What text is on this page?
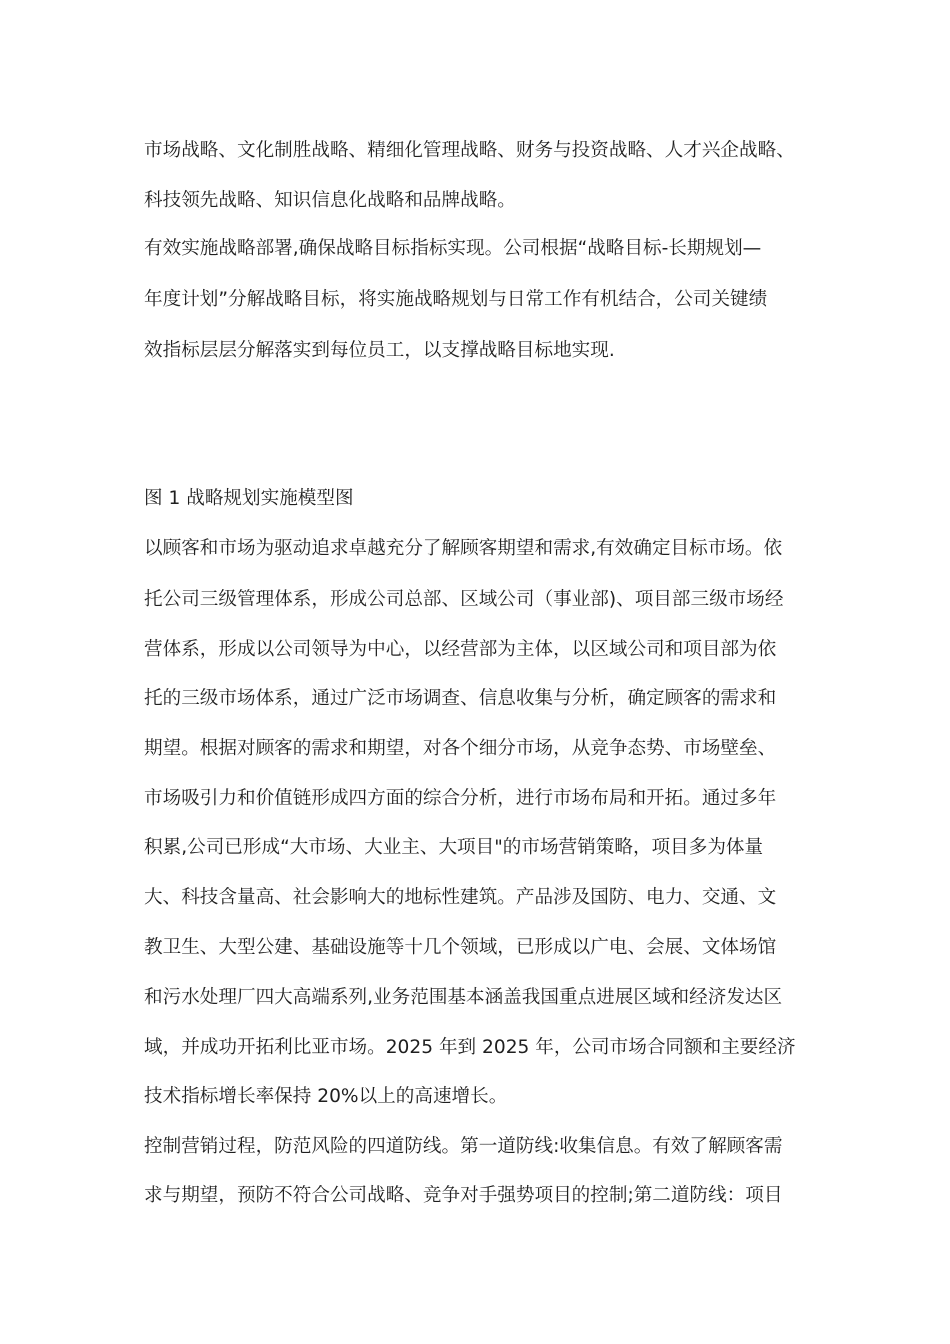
市场战略、文化制胜战略、精细化管理战略、财务与投资战略、人才兴企战略、
科技领先战略、知识信息化战略和品牌战略。
有效实施战略部署,确保战略目标指标实现。公司根据“战略目标-长期规划—
年度计划”分解战略目标，将实施战略规划与日常工作有机结合，公司关键绩
效指标层层分解落实到每位员工，以支撑战略目标地实现.
图 1 战略规划实施模型图
以顾客和市场为驱动追求卓越充分了解顾客期望和需求,有效确定目标市场。依
托公司三级管理体系，形成公司总部、区域公司（事业部)、项目部三级市场经
营体系，形成以公司领导为中心，以经营部为主体，以区域公司和项目部为依
托的三级市场体系，通过广泛市场调查、信息收集与分析，确定顾客的需求和
期望。根据对顾客的需求和期望，对各个细分市场，从竞争态势、市场壁垒、
市场吸引力和价值链形成四方面的综合分析，进行市场布局和开拓。通过多年
积累,公司已形成“大市场、大业主、大项目"的市场营销策略，项目多为体量
大、科技含量高、社会影响大的地标性建筑。产品涉及国防、电力、交通、文
教卫生、大型公建、基础设施等十几个领域，已形成以广电、会展、文体场馆
和污水处理厂四大高端系列,业务范围基本涵盖我国重点进展区域和经济发达区
域，并成功开拓利比亚市场。2025 年到 2025 年，公司市场合同额和主要经济
技术指标增长率保持 20%以上的高速增长。
控制营销过程，防范风险的四道防线。第一道防线:收集信息。有效了解顾客需
求与期望，预防不符合公司战略、竞争对手强势项目的控制;第二道防线：项目
